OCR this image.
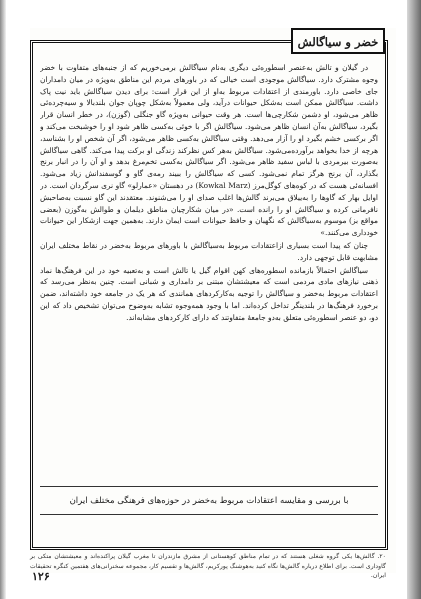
خضر و سیاگالش

در گیلان و تالش به‌عنصر اسطوره‌ئی دیگری به‌نام سیاگالش برمی‌خوریم که از جنبه‌های متفاوت با خضر وجوه مشترک دارد. سیاگالش موجودی است خیالی که در باورهای مردم این مناطق به‌ویژه در میان دامداران جای خاصی دارد. باورمندی از اعتقادات مربوط به‌او از این قرار است: برای دیدن سیاگالش باید نیت پاک داشت. سیاگالش ممکن است به‌شکل حیوانات درآید، ولی معمولاً به‌شکل چوپان جوان بلندبالا و سیه‌چرده‌ئی ظاهر می‌شود، او دشمن شکارچی‌ها است. هر وقت حیوانی به‌ویژه گاو جنگلی (گوزن)، در خطر انسان قرار بگیرد، سیاگالش به‌آن انسان ظاهر می‌شود. سیاگالش اگر با خوئی به‌کسی ظاهر شود او را خوشبخت می‌کند و اگر برکسی خشم بگیرد او را آزار می‌دهد. وقتی سیاگالش به‌کسی ظاهر می‌شود، اگر آن شخص او را بشناسد، هرچه از خدا بخواهد برآورده‌می‌شود. سیاگالش به‌هر کس نظرکند زندگی او برکت پیدا می‌کند. گاهی سیاگالش به‌صورت بیرمردی با لباس سفید ظاهر می‌شود. اگر سیاگالش به‌کسی تخم‌مرغ بدهد و او آن را در انبار برنج بگذارد، آن برنج هرگز تمام نمی‌شود. کسی که سیاگالش را ببیند رمه‌ی گاو و گوسفندانش زیاد می‌شود. افسانه‌ئی هست که در کوه‌های کوگل‌مرز (Kowkal Marz) در دهستان «عمارلو» گاو نری سرگردان است. در اوایل بهار که گاوها را به‌ییلاق می‌برند گالش‌ها اغلب صدای او را می‌شنوند. معتقدند این گاو نسبت به‌صاحبش نافرمانی کرده و سیاگالش او را رانده است. «در میان شکارچیان مناطق دیلمان و طوالش به‌گوزن (بعضی مواقع بز) موسوم به‌سیاگالش که نگهبان و حافظ حیوانات است ایمان دارند. به‌همین جهت ازشکار این حیوانات خودداری می‌کنند.»

چنان که پیدا است بسیاری ازاعتقادات مربوط به‌سیاگالش با باورهای مربوط به‌خضر در نقاط مختلف ایران مشابهت قابل توجهی دارد.

سیاگالش احتمالاً بازمانده اسطوره‌های کهن اقوام گیل یا تالش است و به‌تعبیه خود در این فرهنگ‌ها نماد ذهنی نیازهای مادی مردمی است که معیشتشان مبتنی بر دامداری و شبانی است. چنین به‌نظر می‌رسد که اعتقادات مربوط به‌خضر و سیاگالش را توجیه به‌کارکردهای همانندی که هر یک در جامعه خود داشته‌اند، ضمن برخورد فرهنگ‌ها در بلندینگر تداخل کرده‌اند. اما با وجود همه‌وجوه تشابه به‌وضوح می‌توان تشخیص داد که این دو، دو عنصر اسطوره‌ئی متعلق به‌دو جامعهٔ متفاوتند که دارای کارکردهای مشابه‌اند.

با بررسی و مقایسه اعتقادات مربوط به‌خضر در حوزه‌های فرهنگی مختلف ایران
۲۰. گالش‌ها یکی گروه شغلی هستند که در تمام مناطق کوهستانی از مشرق مازندران تا مغرب گیلان پراکنده‌اند و معیشتشان متکی بر گاوداری است. برای اطلاع درباره گالش‌ها نگاه کنید به‌هوشنگ پورکریم، گالش‌ها و تقسیم کار، مجموعه سخنرانی‌های هفتمین کنگره تحقیقات ایران.
۱۲۶
